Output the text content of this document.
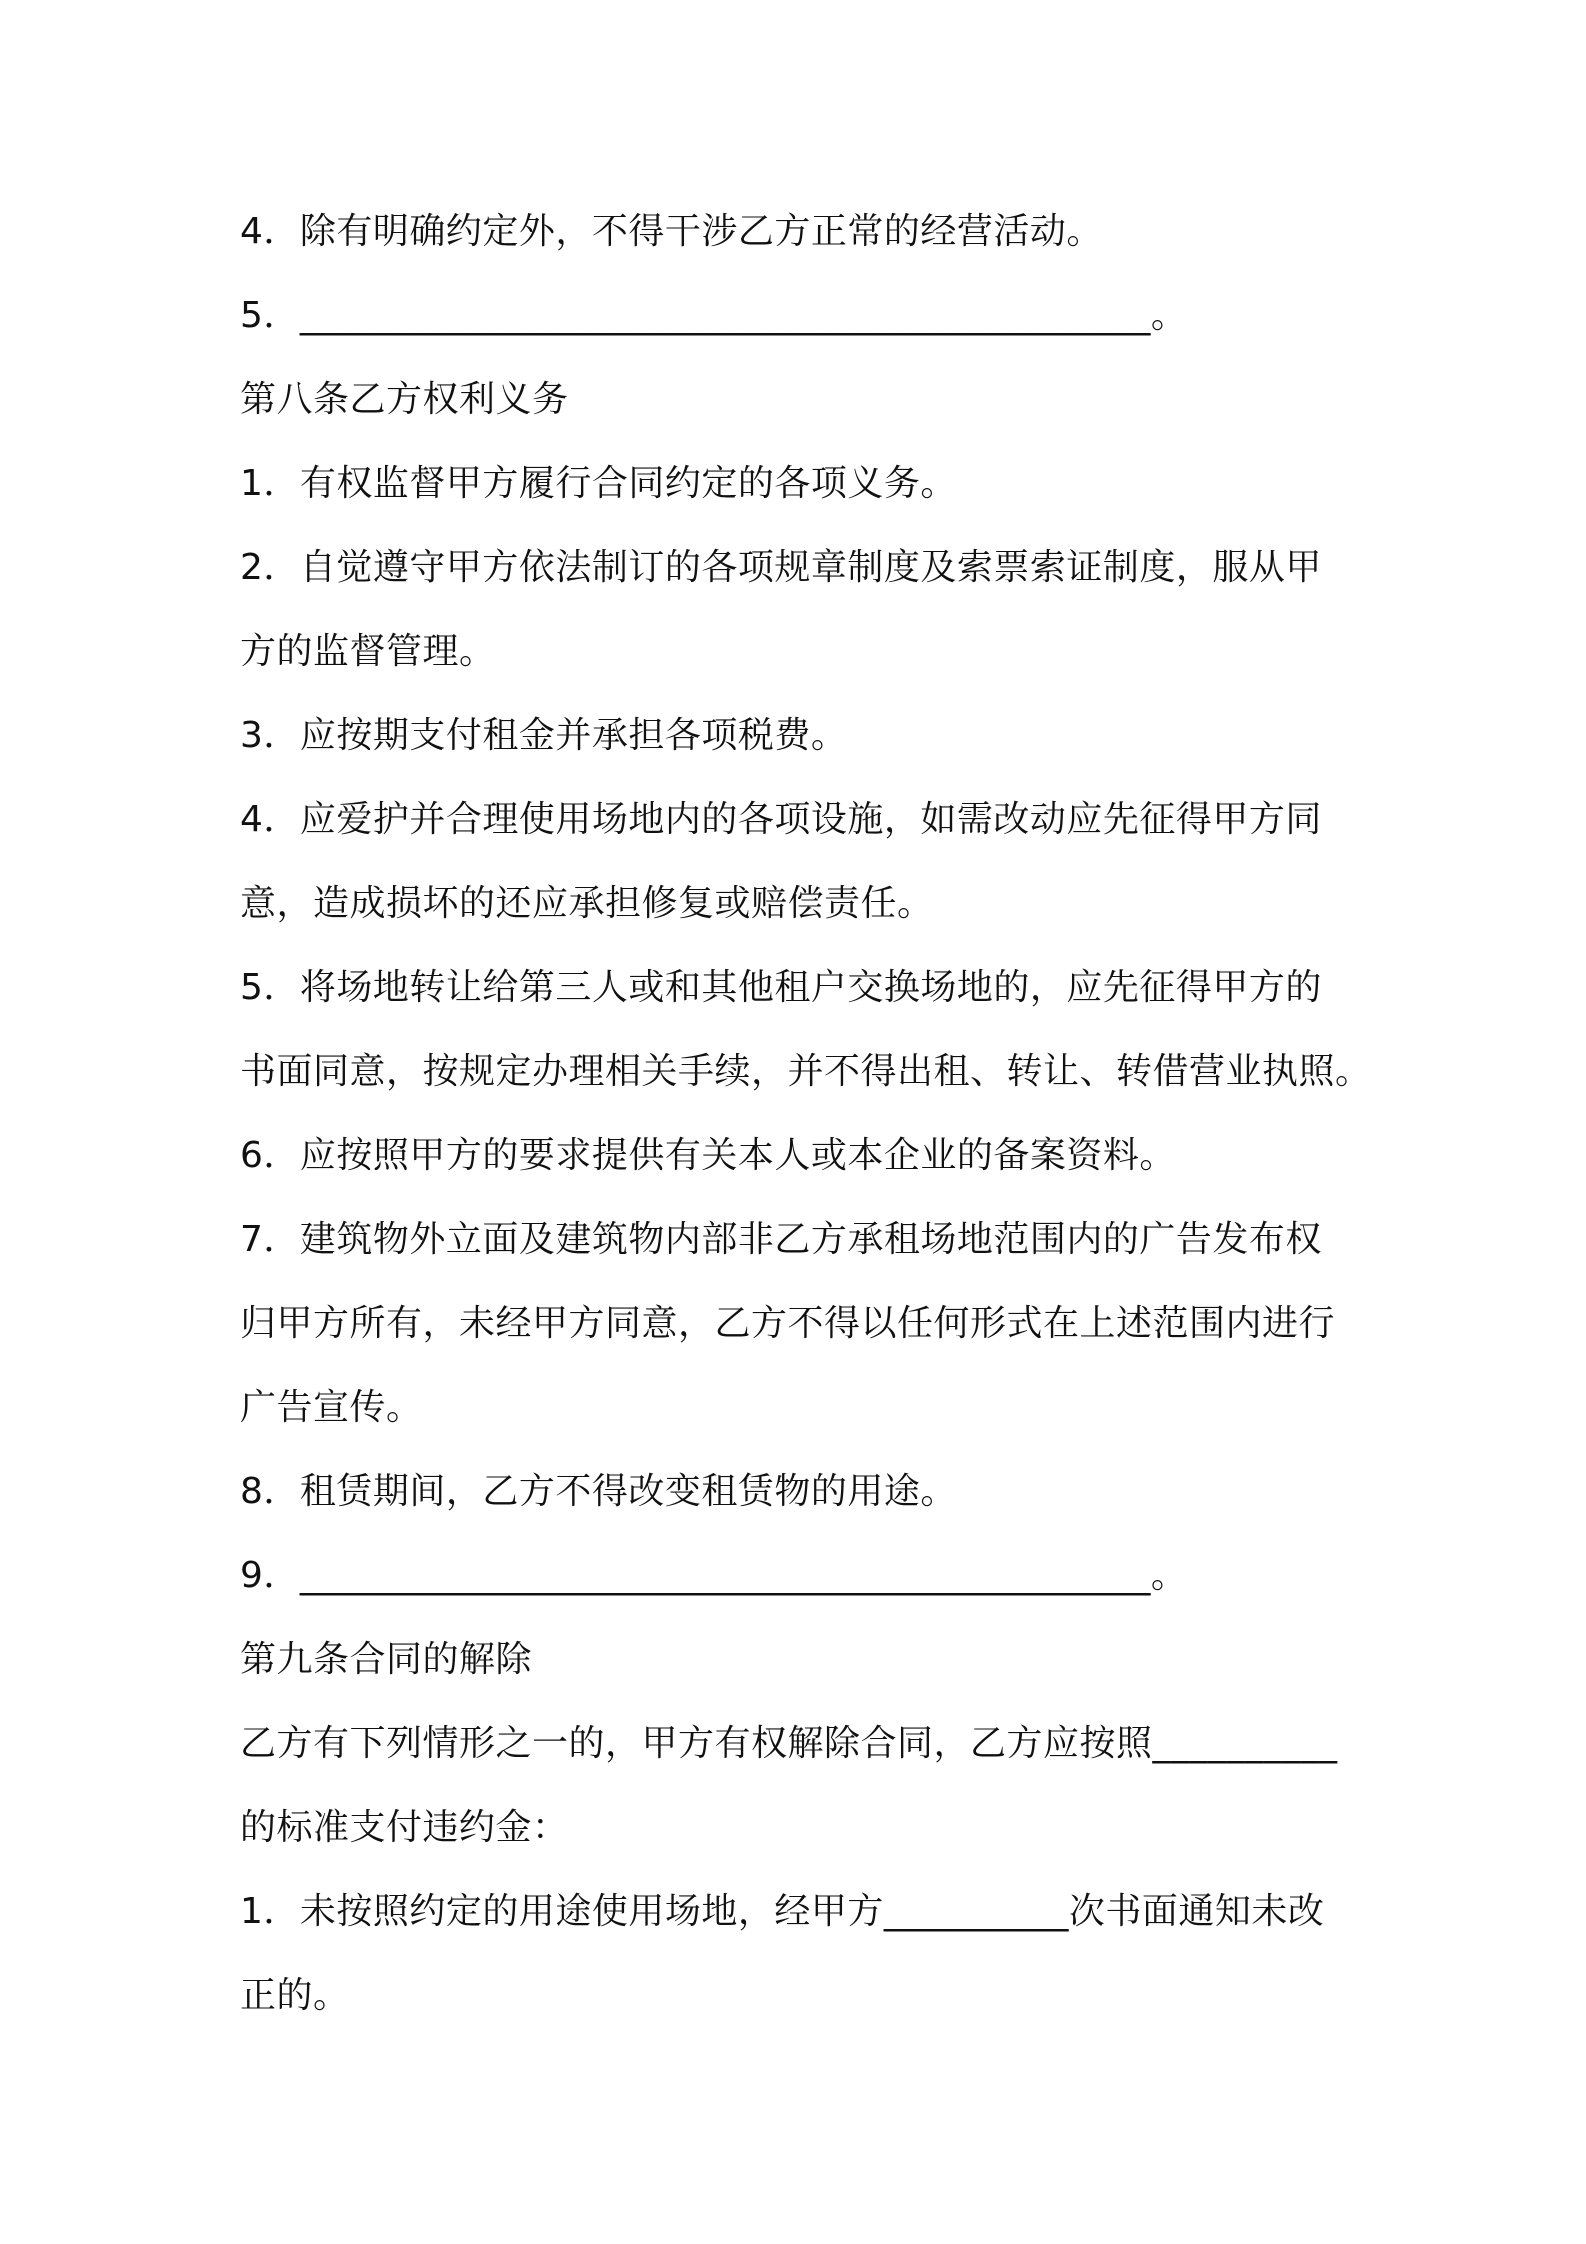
4．除有明确约定外，不得干涉乙方正常的经营活动。

5．______________________________________________。

第八条乙方权利义务

1．有权监督甲方履行合同约定的各项义务。

2．自觉遵守甲方依法制订的各项规章制度及索票索证制度，服从甲

方的监督管理。

3．应按期支付租金并承担各项税费。

4．应爱护并合理使用场地内的各项设施，如需改动应先征得甲方同

意，造成损坏的还应承担修复或赔偿责任。

5．将场地转让给第三人或和其他租户交换场地的，应先征得甲方的

书面同意，按规定办理相关手续，并不得出租、转让、转借营业执照。

6．应按照甲方的要求提供有关本人或本企业的备案资料。

7．建筑物外立面及建筑物内部非乙方承租场地范围内的广告发布权

归甲方所有，未经甲方同意，乙方不得以任何形式在上述范围内进行

广告宣传。

8．租赁期间，乙方不得改变租赁物的用途。

9．______________________________________________。

第九条合同的解除

乙方有下列情形之一的，甲方有权解除合同，乙方应按照__________

的标准支付违约金：

1．未按照约定的用途使用场地，经甲方__________次书面通知未改

正的。
